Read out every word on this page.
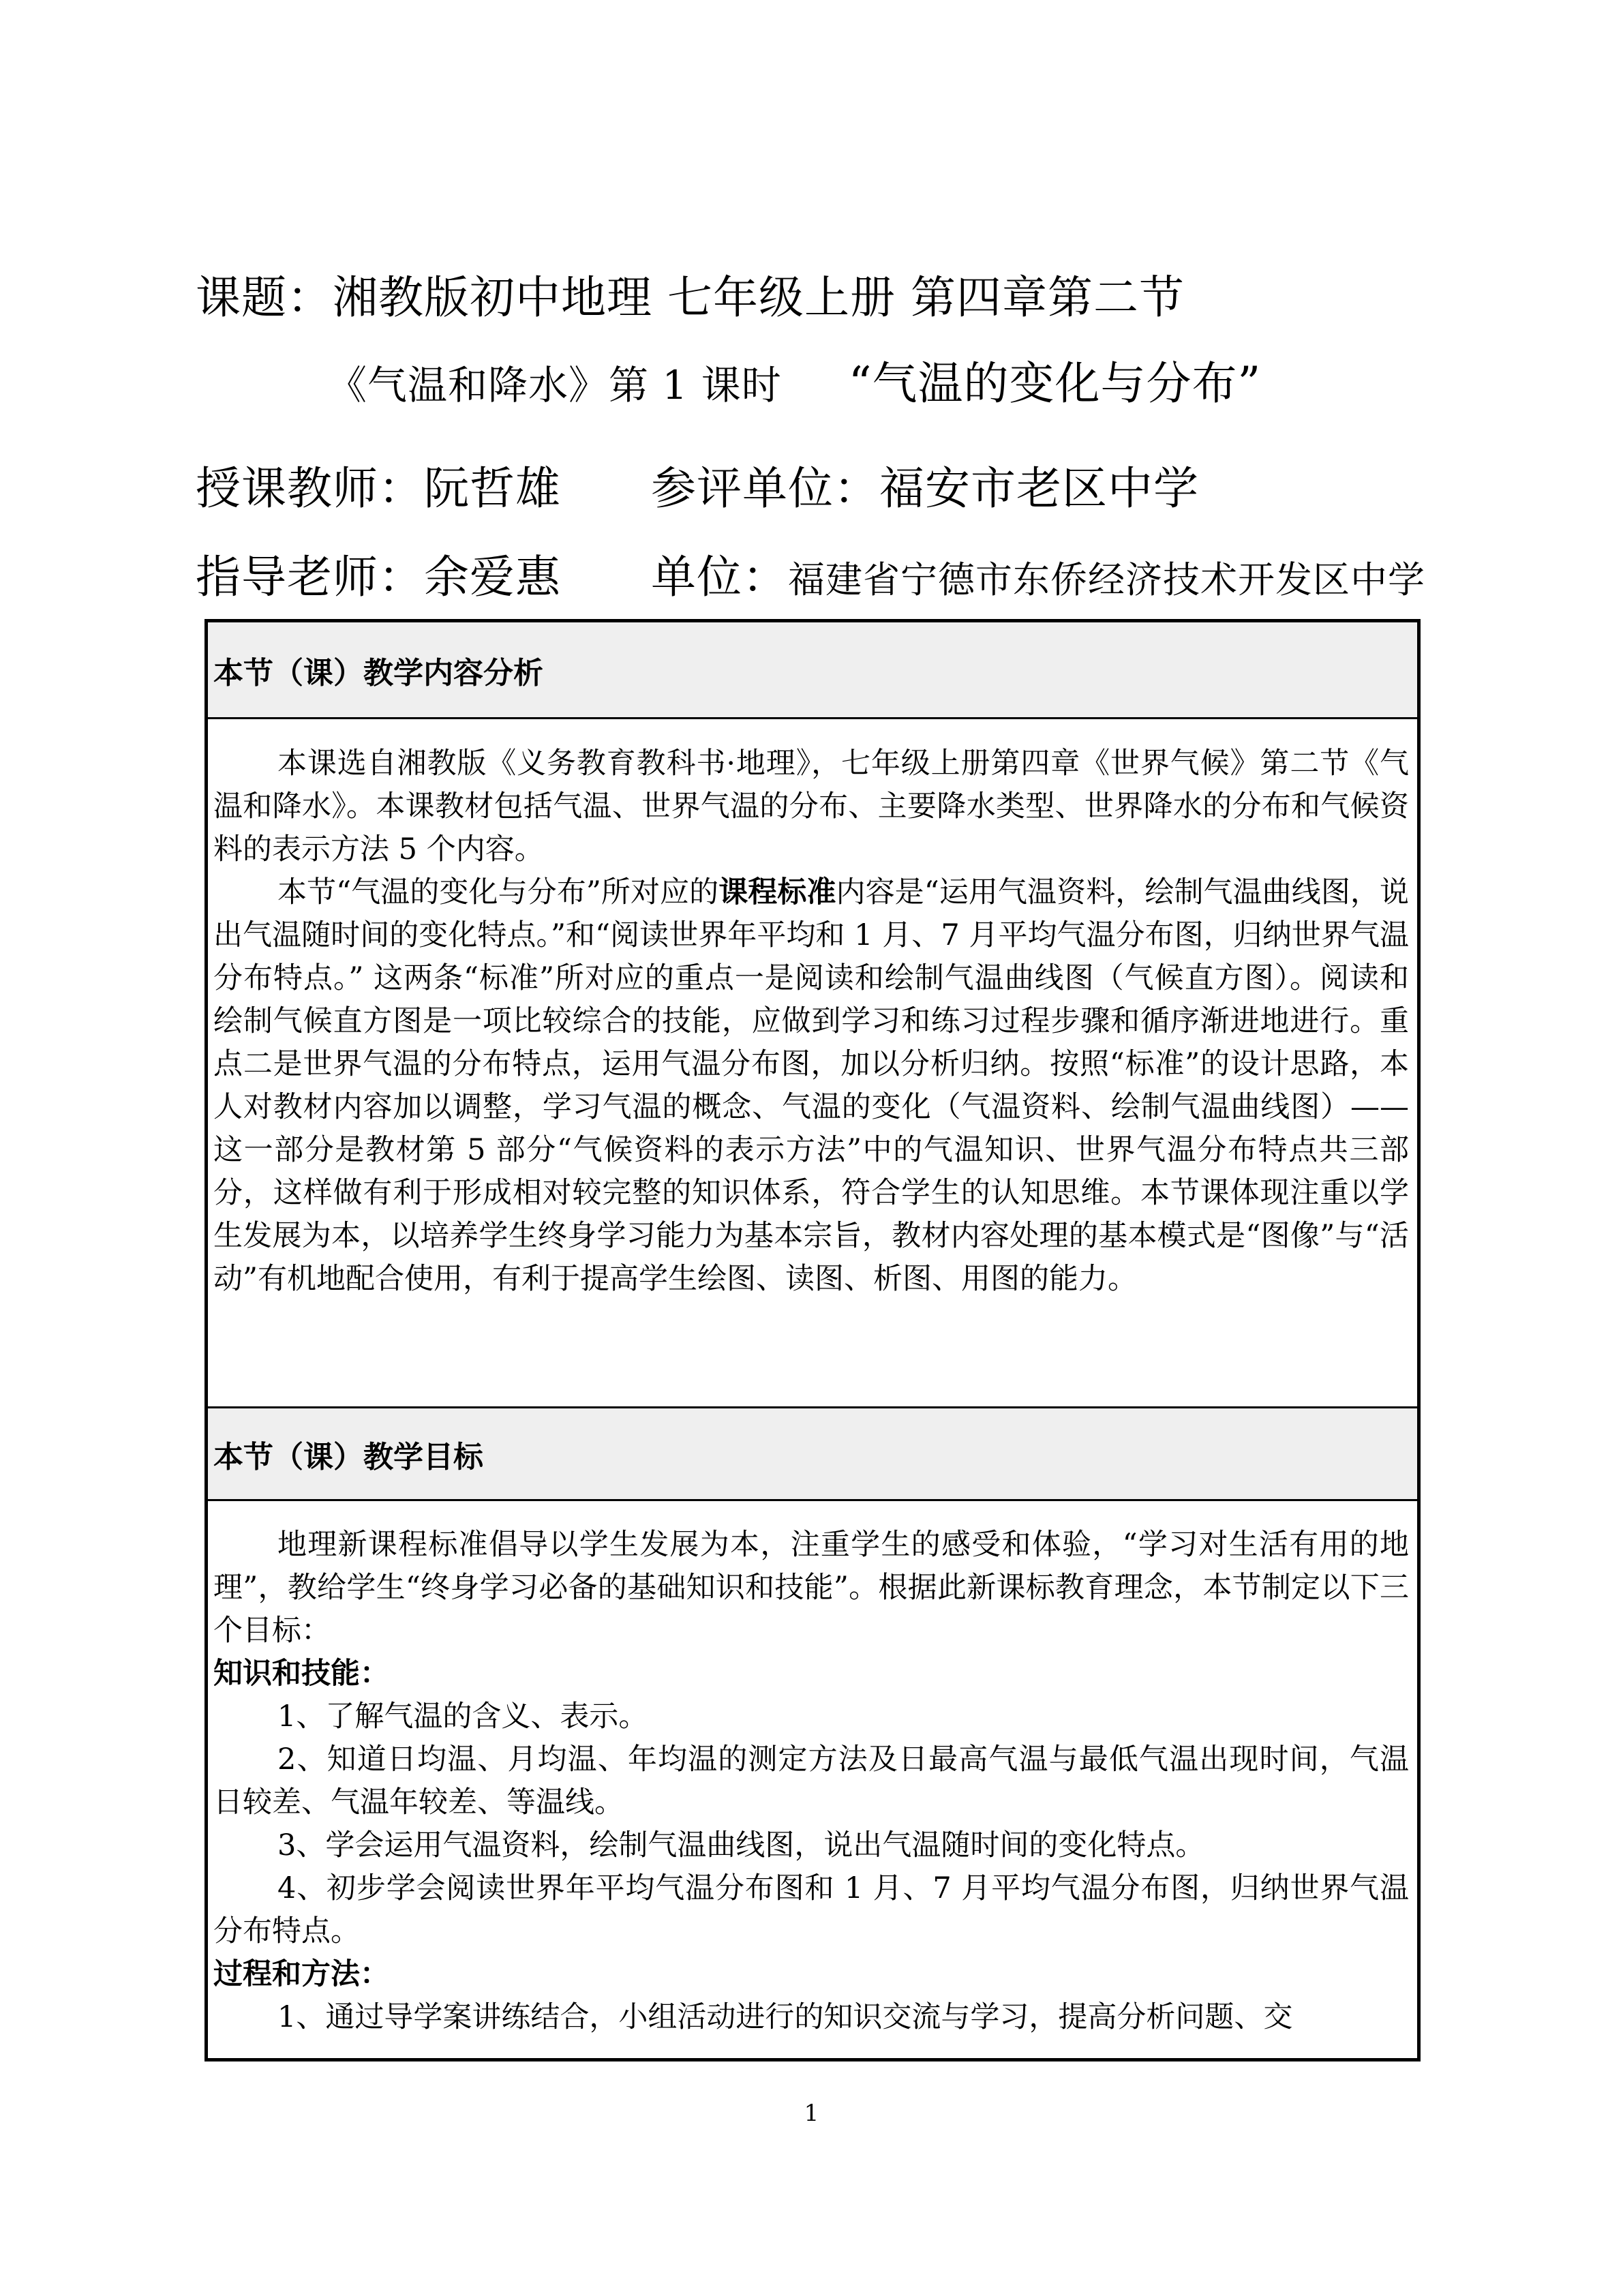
课题：湘教版初中地理 七年级上册 第四章第二节
《气温和降水》第 1 课时 “气温的变化与分布”
授课教师：阮哲雄 参评单位：福安市老区中学
指导老师：余爱惠 单位：福建省宁德市东侨经济技术开发区中学
本节（课）教学内容分析

本课选自湘教版《义务教育教科书·地理》，七年级上册第四章《世界气候》第二节《气温和降水》。本课教材包括气温、世界气温的分布、主要降水类型、世界降水的分布和气候资料的表示方法 5 个内容。

本节“气温的变化与分布”所对应的课程标准内容是“运用气温资料，绘制气温曲线图，说出气温随时间的变化特点。”和“阅读世界年平均和 1 月、7 月平均气温分布图，归纳世界气温分布特点。” 这两条“标准”所对应的重点一是阅读和绘制气温曲线图（气候直方图）。阅读和绘制气候直方图是一项比较综合的技能，应做到学习和练习过程步骤和循序渐进地进行。重点二是世界气温的分布特点，运用气温分布图，加以分析归纳。按照“标准”的设计思路，本人对教材内容加以调整，学习气温的概念、气温的变化（气温资料、绘制气温曲线图）——这一部分是教材第 5 部分“气候资料的表示方法”中的气温知识、世界气温分布特点共三部分，这样做有利于形成相对较完整的知识体系，符合学生的认知思维。本节课体现注重以学生发展为本，以培养学生终身学习能力为基本宗旨，教材内容处理的基本模式是“图像”与“活动”有机地配合使用，有利于提高学生绘图、读图、析图、用图的能力。

本节（课）教学目标

地理新课程标准倡导以学生发展为本，注重学生的感受和体验，“学习对生活有用的地理”，教给学生“终身学习必备的基础知识和技能”。根据此新课标教育理念，本节制定以下三个目标：

知识和技能：

1、了解气温的含义、表示。

2、知道日均温、月均温、年均温的测定方法及日最高气温与最低气温出现时间，气温日较差、气温年较差、等温线。

3、学会运用气温资料，绘制气温曲线图，说出气温随时间的变化特点。

4、初步学会阅读世界年平均气温分布图和 1 月、7 月平均气温分布图，归纳世界气温分布特点。

过程和方法：

1、通过导学案讲练结合，小组活动进行的知识交流与学习，提高分析问题、交

1
